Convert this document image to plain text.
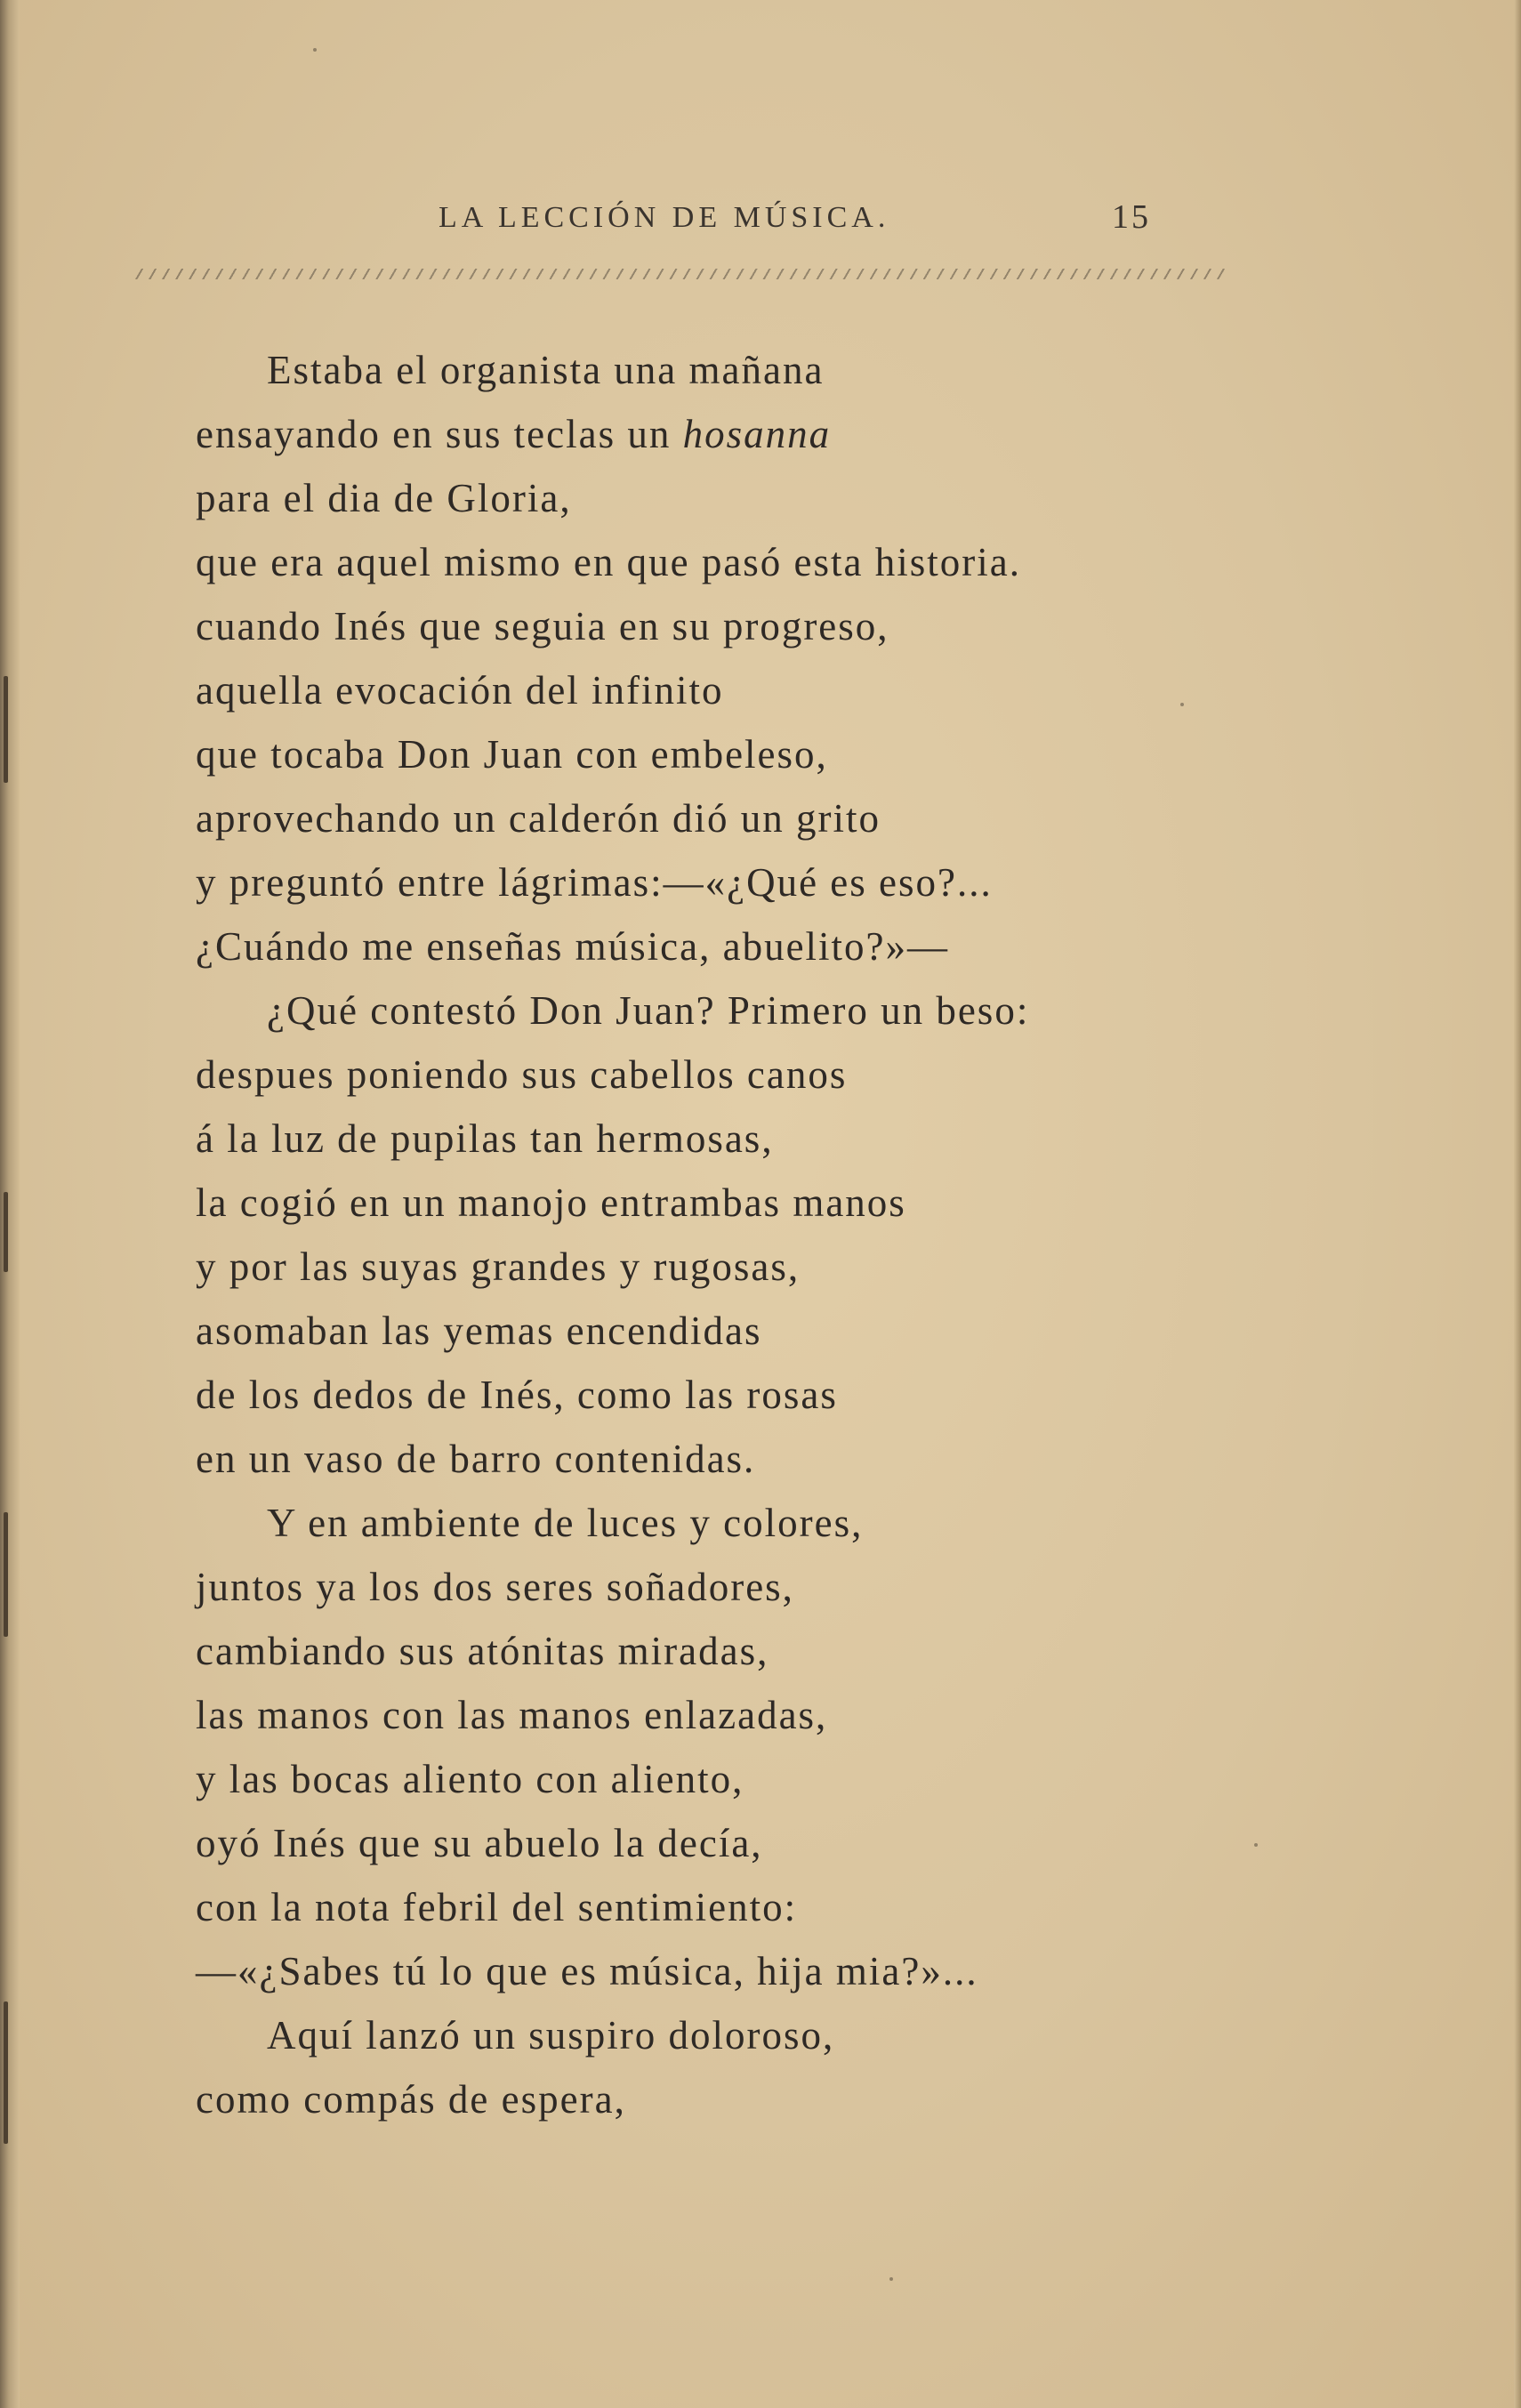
LA LECCIÓN DE MÚSICA.	15
Estaba el organista una mañana
ensayando en sus teclas un hosanna
para el dia de Gloria,
que era aquel mismo en que pasó esta historia.
cuando Inés que seguia en su progreso,
aquella evocación del infinito
que tocaba Don Juan con embeleso,
aprovechando un calderón dió un grito
y preguntó entre lágrimas:—«¿Qué es eso?...
¿Cuándo me enseñas música, abuelito?»—
¿Qué contestó Don Juan? Primero un beso:
despues poniendo sus cabellos canos
á la luz de pupilas tan hermosas,
la cogió en un manojo entrambas manos
y por las suyas grandes y rugosas,
asomaban las yemas encendidas
de los dedos de Inés, como las rosas
en un vaso de barro contenidas.
Y en ambiente de luces y colores,
juntos ya los dos seres soñadores,
cambiando sus atónitas miradas,
las manos con las manos enlazadas,
y las bocas aliento con aliento,
oyó Inés que su abuelo la decía,
con la nota febril del sentimiento:
—«¿Sabes tú lo que es música, hija mia?»...
Aquí lanzó un suspiro doloroso,
como compás de espera,
